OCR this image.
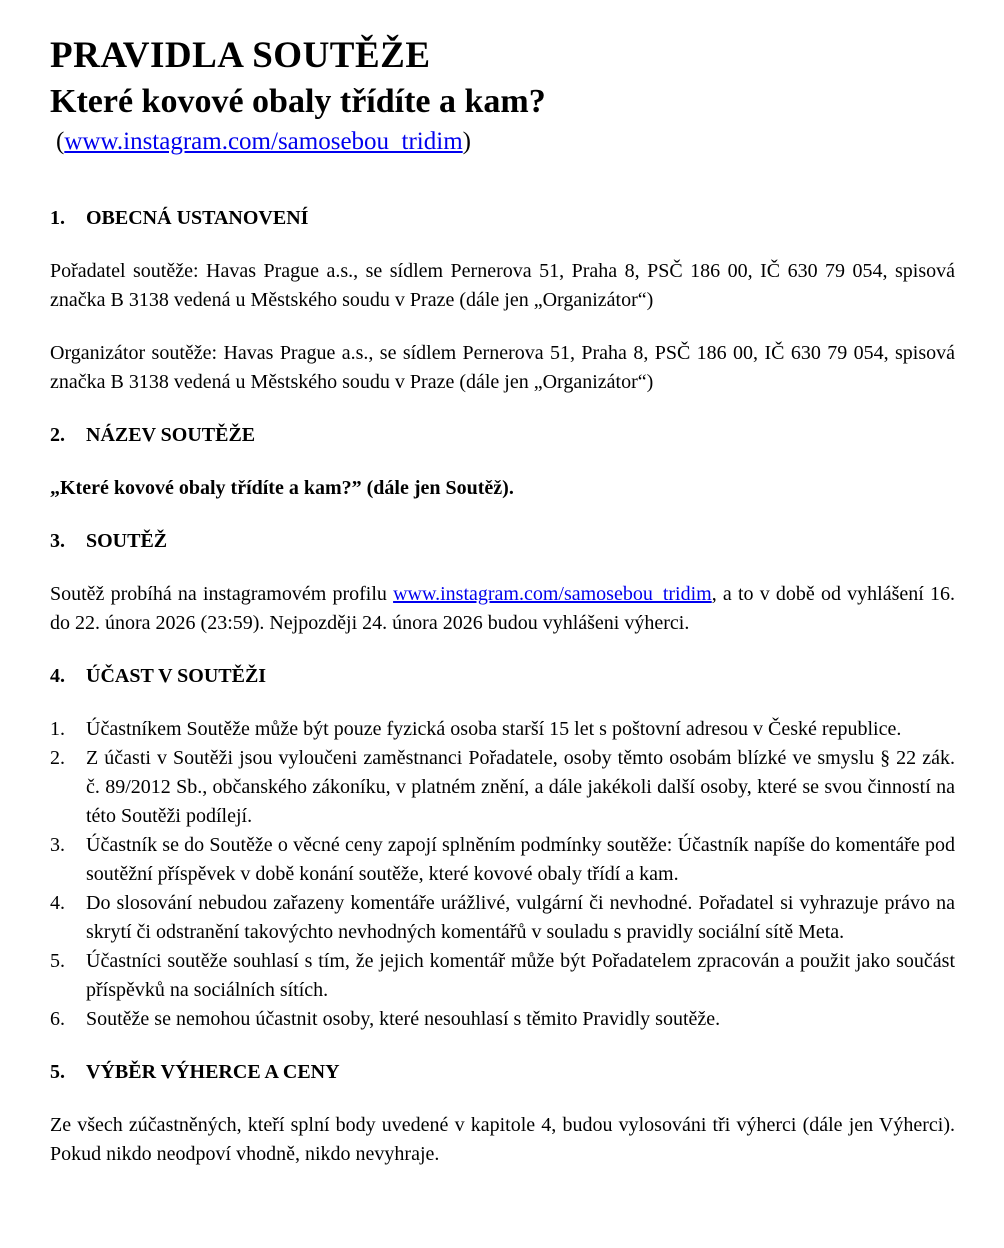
PRAVIDLA SOUTĚŽE
Které kovové obaly třídíte a kam?
(www.instagram.com/samosebou_tridim)
1.	OBECNÁ USTANOVENÍ

Pořadatel soutěže: Havas Prague a.s., se sídlem Pernerova 51, Praha 8, PSČ 186 00, IČ 630 79 054, spisová značka B 3138 vedená u Městského soudu v Praze (dále jen „Organizátor“)

Organizátor soutěže: Havas Prague a.s., se sídlem Pernerova 51, Praha 8, PSČ 186 00, IČ 630 79 054, spisová značka B 3138 vedená u Městského soudu v Praze (dále jen „Organizátor“)

2.	NÁZEV SOUTĚŽE

„Které kovové obaly třídíte a kam?” (dále jen Soutěž).

3.	SOUTĚŽ

Soutěž probíhá na instagramovém profilu www.instagram.com/samosebou_tridim, a to v době od vyhlášení 16. do 22. února 2026 (23:59). Nejpozději 24. února 2026 budou vyhlášeni výherci.

4.	ÚČAST V SOUTĚŽI
1.	Účastníkem Soutěže může být pouze fyzická osoba starší 15 let s poštovní adresou v České republice.
2.	Z účasti v Soutěži jsou vyloučeni zaměstnanci Pořadatele, osoby těmto osobám blízké ve smyslu § 22 zák. č. 89/2012 Sb., občanského zákoníku, v platném znění, a dále jakékoli další osoby, které se svou činností na této Soutěži podílejí.
3.	Účastník se do Soutěže o věcné ceny zapojí splněním podmínky soutěže: Účastník napíše do komentáře pod soutěžní příspěvek v době konání soutěže, které kovové obaly třídí a kam.
4.	Do slosování nebudou zařazeny komentáře urážlivé, vulgární či nevhodné. Pořadatel si vyhrazuje právo na skrytí či odstranění takovýchto nevhodných komentářů v souladu s pravidly sociální sítě Meta.
5.	Účastníci soutěže souhlasí s tím, že jejich komentář může být Pořadatelem zpracován a použit jako součást příspěvků na sociálních sítích.
6.	Soutěže se nemohou účastnit osoby, které nesouhlasí s těmito Pravidly soutěže.
5.	VÝBĚR VÝHERCE A CENY

Ze všech zúčastněných, kteří splní body uvedené v kapitole 4, budou vylosováni tři výherci (dále jen Výherci). Pokud nikdo neodpoví vhodně, nikdo nevyhraje.
